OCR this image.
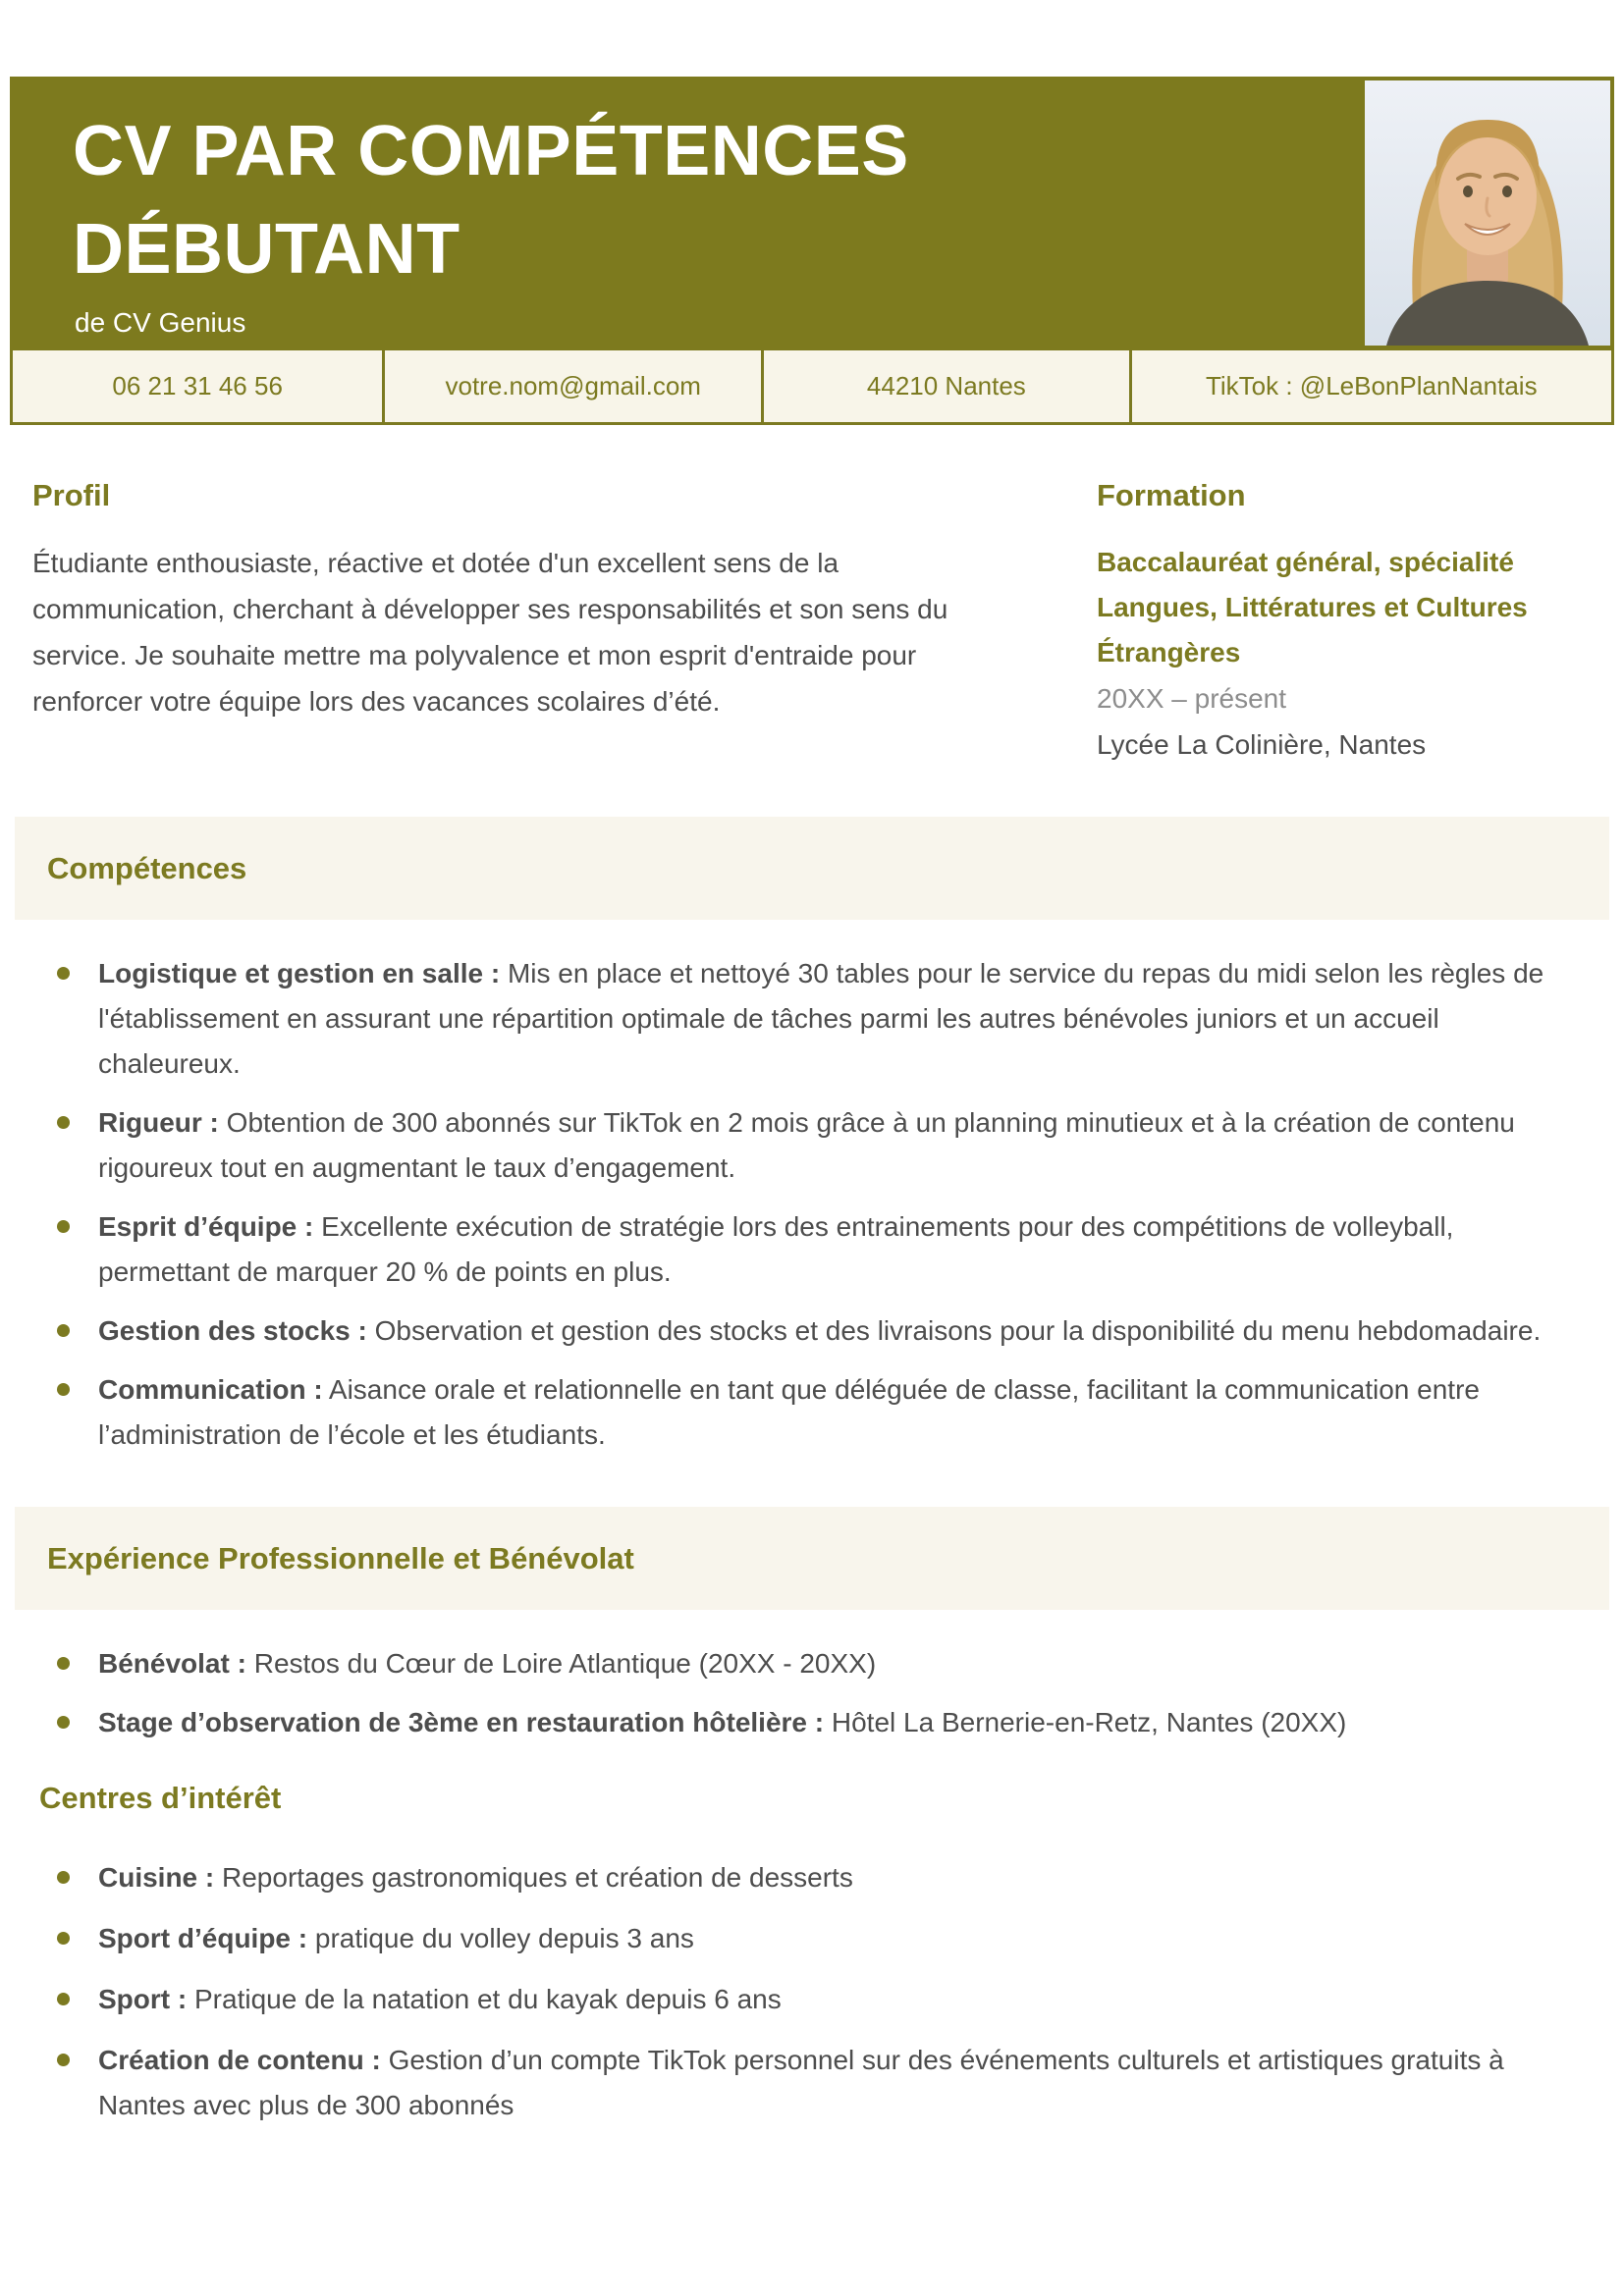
CV PAR COMPÉTENCES DÉBUTANT

de CV Genius

06 21 31 46 56	votre.nom@gmail.com	44210 Nantes	TikTok : @LeBonPlanNantais
Profil

Étudiante enthousiaste, réactive et dotée d'un excellent sens de la communication, cherchant à développer ses responsabilités et son sens du service. Je souhaite mettre ma polyvalence et mon esprit d'entraide pour renforcer votre équipe lors des vacances scolaires d’été.

Formation

Baccalauréat général, spécialité Langues, Littératures et Cultures Étrangères

20XX – présent

Lycée La Colinière, Nantes

Compétences
Logistique et gestion en salle : Mis en place et nettoyé 30 tables pour le service du repas du midi selon les règles de l'établissement en assurant une répartition optimale de tâches parmi les autres bénévoles juniors et un accueil chaleureux.
Rigueur : Obtention de 300 abonnés sur TikTok en 2 mois grâce à un planning minutieux et à la création de contenu rigoureux tout en augmentant le taux d’engagement.
Esprit d’équipe : Excellente exécution de stratégie lors des entrainements pour des compétitions de volleyball, permettant de marquer 20 % de points en plus.
Gestion des stocks : Observation et gestion des stocks et des livraisons pour la disponibilité du menu hebdomadaire.
Communication : Aisance orale et relationnelle en tant que déléguée de classe, facilitant la communication entre l’administration de l’école et les étudiants.
Expérience Professionnelle et Bénévolat
Bénévolat : Restos du Cœur de Loire Atlantique (20XX - 20XX)
Stage d’observation de 3ème en restauration hôtelière : Hôtel La Bernerie-en-Retz, Nantes (20XX)
Centres d’intérêt
Cuisine : Reportages gastronomiques et création de desserts
Sport d’équipe : pratique du volley depuis 3 ans
Sport : Pratique de la natation et du kayak depuis 6 ans
Création de contenu : Gestion d’un compte TikTok personnel sur des événements culturels et artistiques gratuits à Nantes avec plus de 300 abonnés
